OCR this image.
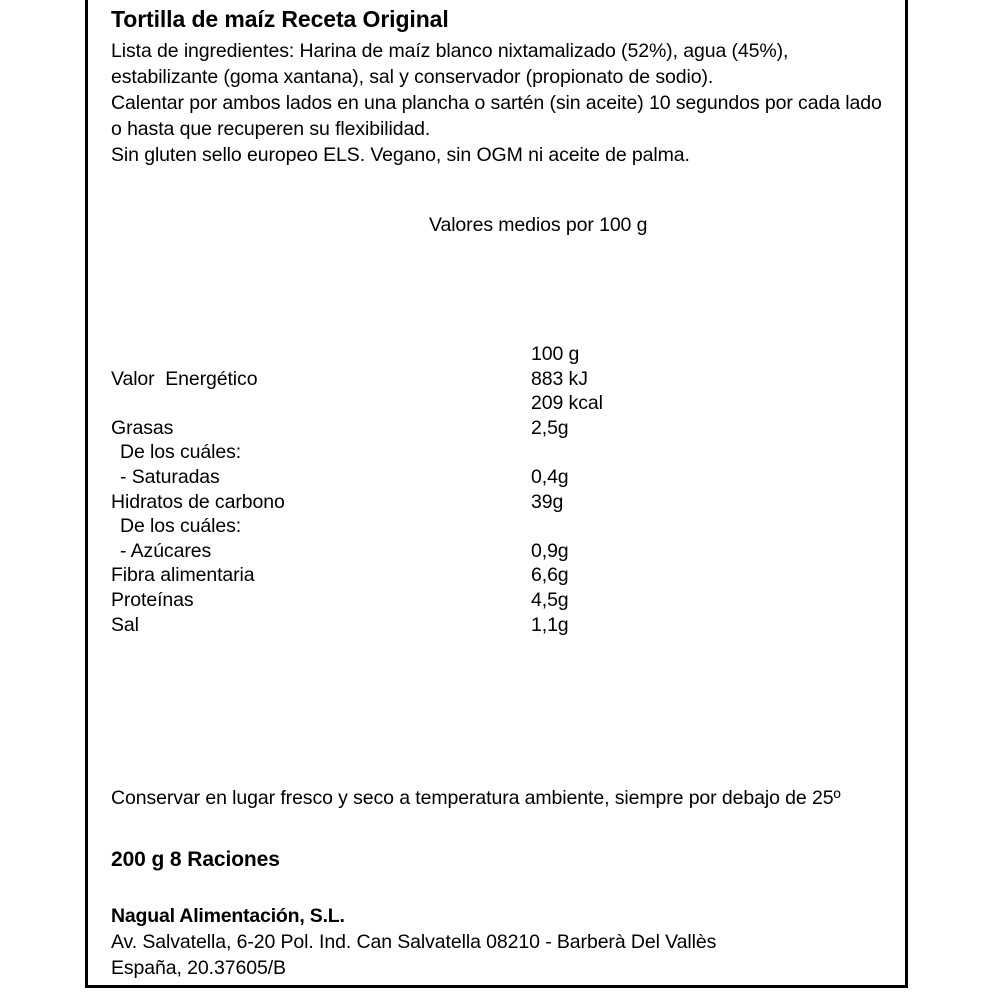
Tortilla de maíz Receta Original

Lista de ingredientes: Harina de maíz blanco nixtamalizado (52%), agua (45%), estabilizante (goma xantana), sal y conservador (propionato de sodio).

Calentar por ambos lados en una plancha o sartén (sin aceite) 10 segundos por cada lado o hasta que recuperen su flexibilidad.

Sin gluten sello europeo ELS. Vegano, sin OGM ni aceite de palma.

Valores medios por 100 g

	100 g
Valor  Energético	883 kJ
	209 kcal
Grasas	2,5g
De los cuáles:	
- Saturadas	0,4g
Hidratos de carbono	39g
De los cuáles:	
- Azúcares	0,9g
Fibra alimentaria	6,6g
Proteínas	4,5g
Sal	1,1g

Conservar en lugar fresco y seco a temperatura ambiente, siempre por debajo de 25º

200 g 8 Raciones

Nagual Alimentación, S.L.

Av. Salvatella, 6-20 Pol. Ind. Can Salvatella 08210 - Barberà Del Vallès

España, 20.37605/B
